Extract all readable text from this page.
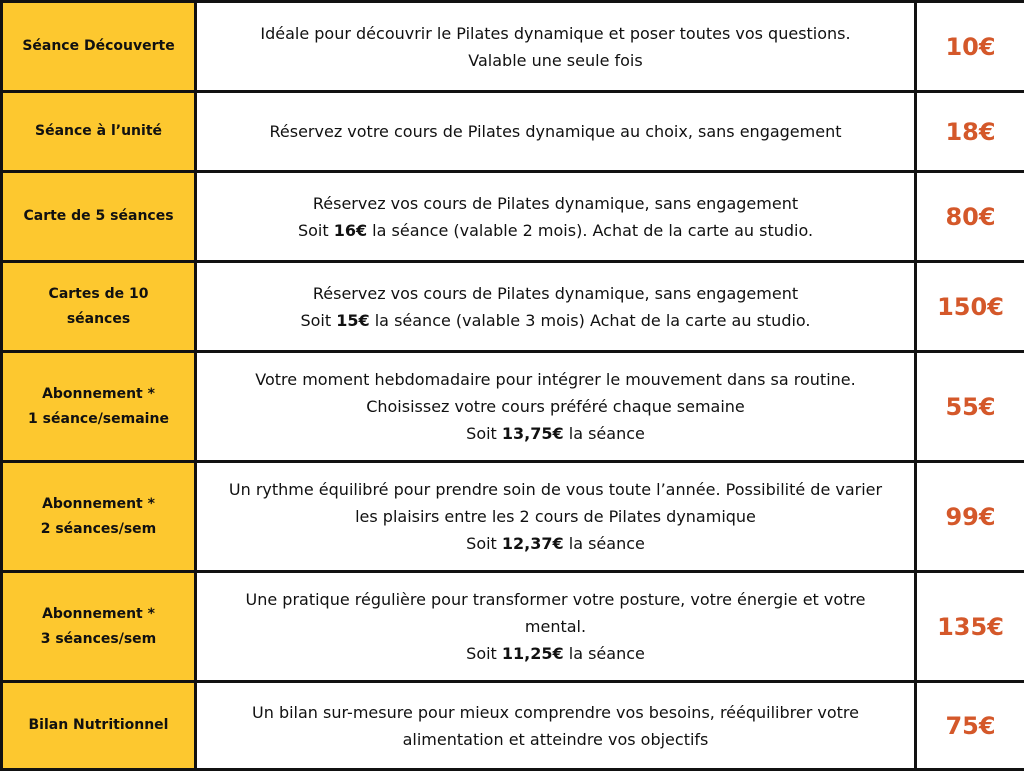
Séance Découverte	Idéale pour découvrir le Pilates dynamique et poser toutes vos questions.
Valable une seule fois	10€

Séance à l’unité	Réservez votre cours de Pilates dynamique au choix, sans engagement	18€

Carte de 5 séances	Réservez vos cours de Pilates dynamique, sans engagement
Soit 16€ la séance (valable 2 mois). Achat de la carte au studio.	80€

Cartes de 10
séances	Réservez vos cours de Pilates dynamique, sans engagement
Soit 15€ la séance (valable 3 mois) Achat de la carte au studio.	150€

Abonnement *
1 séance/semaine	Votre moment hebdomadaire pour intégrer le mouvement dans sa routine.
Choisissez votre cours préféré chaque semaine
Soit 13,75€ la séance	55€

Abonnement *
2 séances/sem	Un rythme équilibré pour prendre soin de vous toute l’année. Possibilité de varier
les plaisirs entre les 2 cours de Pilates dynamique
Soit 12,37€ la séance	99€

Abonnement *
3 séances/sem	Une pratique régulière pour transformer votre posture, votre énergie et votre
mental.
Soit 11,25€ la séance	135€

Bilan Nutritionnel	Un bilan sur-mesure pour mieux comprendre vos besoins, rééquilibrer votre
alimentation et atteindre vos objectifs	75€
